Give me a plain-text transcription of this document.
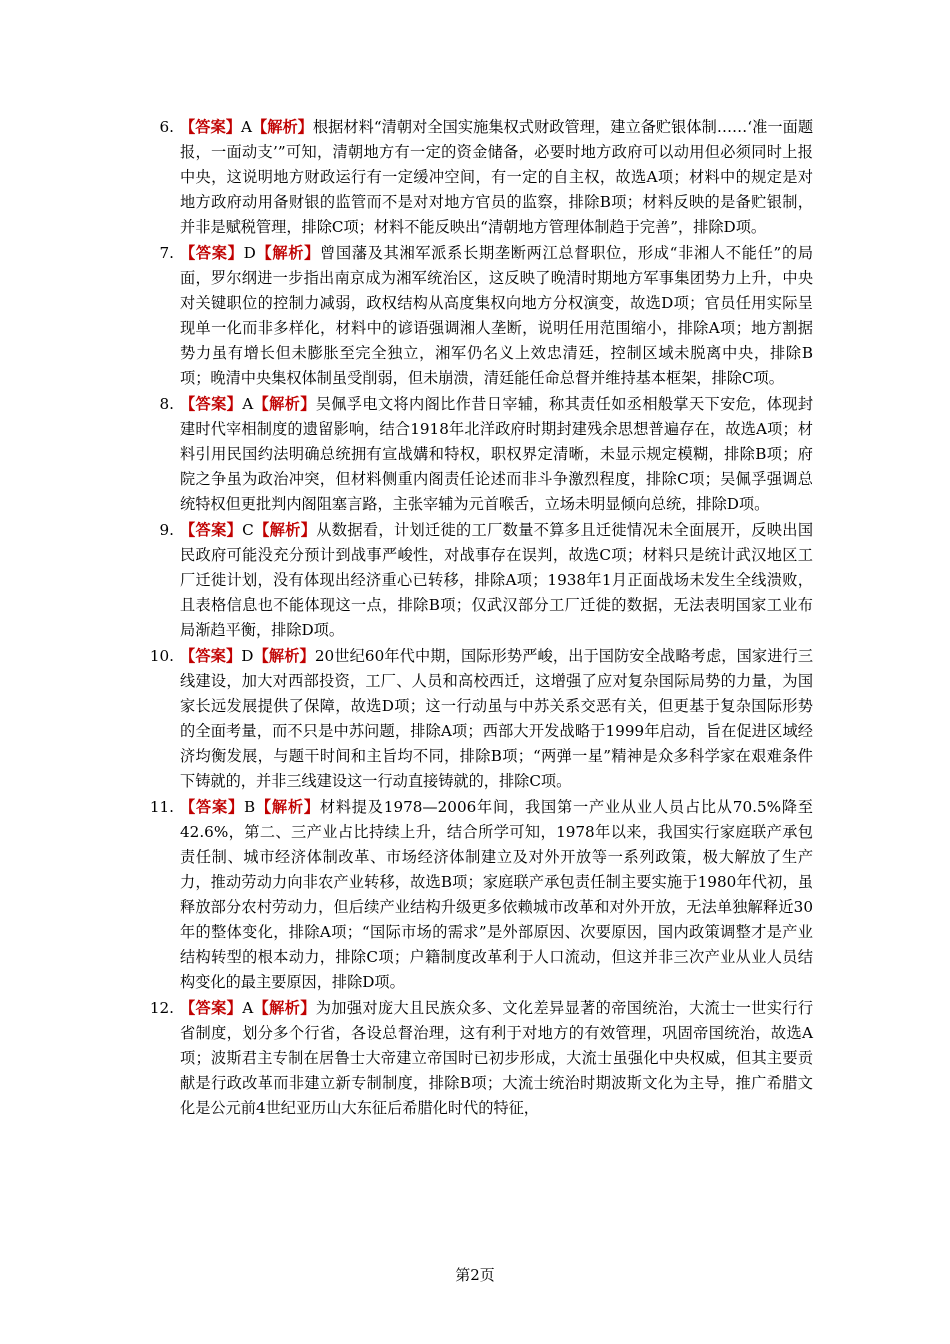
6. 【答案】A【解析】根据材料“清朝对全国实施集权式财政管理，建立备贮银体制……‘准一面题报，一面动支’”可知，清朝地方有一定的资金储备，必要时地方政府可以动用但必须同时上报中央，这说明地方财政运行有一定缓冲空间，有一定的自主权，故选A项；材料中的规定是对地方政府动用备财银的监管而不是对对地方官员的监察，排除B项；材料反映的是备贮银制，并非是赋税管理，排除C项；材料不能反映出“清朝地方管理体制趋于完善”，排除D项。
7. 【答案】D【解析】曾国藩及其湘军派系长期垄断两江总督职位，形成“非湘人不能任”的局面，罗尔纲进一步指出南京成为湘军统治区，这反映了晚清时期地方军事集团势力上升，中央对关键职位的控制力减弱，政权结构从高度集权向地方分权演变，故选D项；官员任用实际呈现单一化而非多样化，材料中的谚语强调湘人垄断，说明任用范围缩小，排除A项；地方割据势力虽有增长但未膨胀至完全独立，湘军仍名义上效忠清廷，控制区域未脱离中央，排除B项；晚清中央集权体制虽受削弱，但未崩溃，清廷能任命总督并维持基本框架，排除C项。
8. 【答案】A【解析】吴佩孚电文将内阁比作昔日宰辅，称其责任如丞相般掌天下安危，体现封建时代宰相制度的遗留影响，结合1918年北洋政府时期封建残余思想普遍存在，故选A项；材料引用民国约法明确总统拥有宣战媾和特权，职权界定清晰，未显示规定模糊，排除B项；府院之争虽为政治冲突，但材料侧重内阁责任论述而非斗争激烈程度，排除C项；吴佩孚强调总统特权但更批判内阁阻塞言路，主张宰辅为元首喉舌，立场未明显倾向总统，排除D项。
9. 【答案】C【解析】从数据看，计划迁徙的工厂数量不算多且迁徙情况未全面展开，反映出国民政府可能没充分预计到战事严峻性，对战事存在误判，故选C项；材料只是统计武汉地区工厂迁徙计划，没有体现出经济重心已转移，排除A项；1938年1月正面战场未发生全线溃败，且表格信息也不能体现这一点，排除B项；仅武汉部分工厂迁徙的数据，无法表明国家工业布局渐趋平衡，排除D项。
10. 【答案】D【解析】20世纪60年代中期，国际形势严峻，出于国防安全战略考虑，国家进行三线建设，加大对西部投资，工厂、人员和高校西迁，这增强了应对复杂国际局势的力量，为国家长远发展提供了保障，故选D项；这一行动虽与中苏关系交恶有关，但更基于复杂国际形势的全面考量，而不只是中苏问题，排除A项；西部大开发战略于1999年启动，旨在促进区域经济均衡发展，与题干时间和主旨均不同，排除B项；“两弹一星”精神是众多科学家在艰难条件下铸就的，并非三线建设这一行动直接铸就的，排除C项。
11. 【答案】B【解析】材料提及1978—2006年间，我国第一产业从业人员占比从70.5%降至42.6%，第二、三产业占比持续上升，结合所学可知，1978年以来，我国实行家庭联产承包责任制、城市经济体制改革、市场经济体制建立及对外开放等一系列政策，极大解放了生产力，推动劳动力向非农产业转移，故选B项；家庭联产承包责任制主要实施于1980年代初，虽释放部分农村劳动力，但后续产业结构升级更多依赖城市改革和对外开放，无法单独解释近30年的整体变化，排除A项；“国际市场的需求”是外部原因、次要原因，国内政策调整才是产业结构转型的根本动力，排除C项；户籍制度改革利于人口流动，但这并非三次产业从业人员结构变化的最主要原因，排除D项。
12. 【答案】A【解析】为加强对庞大且民族众多、文化差异显著的帝国统治，大流士一世实行行省制度，划分多个行省，各设总督治理，这有利于对地方的有效管理，巩固帝国统治，故选A项；波斯君主专制在居鲁士大帝建立帝国时已初步形成，大流士虽强化中央权威，但其主要贡献是行政改革而非建立新专制制度，排除B项；大流士统治时期波斯文化为主导，推广希腊文化是公元前4世纪亚历山大东征后希腊化时代的特征，
第2页
